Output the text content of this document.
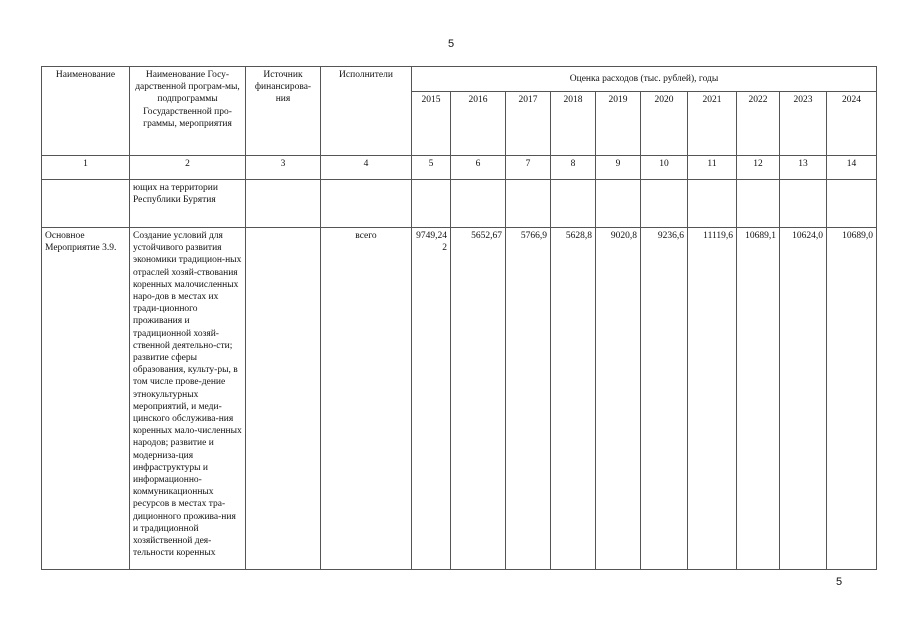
5
Наименование	Наименование Госу-дарственной програм-мы, подпрограммы Государственной про-граммы, мероприятия	Источник финансирова-ния	Исполнители	Оценка расходов (тыс. рублей), годы									
				2015	2016	2017	2018	2019	2020	2021	2022	2023	2024
1	2	3	4	5	6	7	8	9	10	11	12	13	14
	ющих на территории Республики Бурятия												
Основное Мероприятие 3.9.	Создание условий для устойчивого развития экономики традицион-ных отраслей хозяй-ствования коренных малочисленных наро-дов в местах их тради-ционного проживания и традиционной хозяй-ственной деятельно-сти; развитие сферы образования, культу-ры, в том числе прове-дение этнокультурных мероприятий, и меди-цинского обслужива-ния коренных мало-численных народов; развитие и модерниза-ция инфраструктуры и информационно-коммуникационных ресурсов в местах тра-диционного прожива-ния и традиционной хозяйственной дея-тельности коренных		всего	9749,242	5652,67	5766,9	5628,8	9020,8	9236,6	11119,6	10689,1	10624,0	10689,0
5
